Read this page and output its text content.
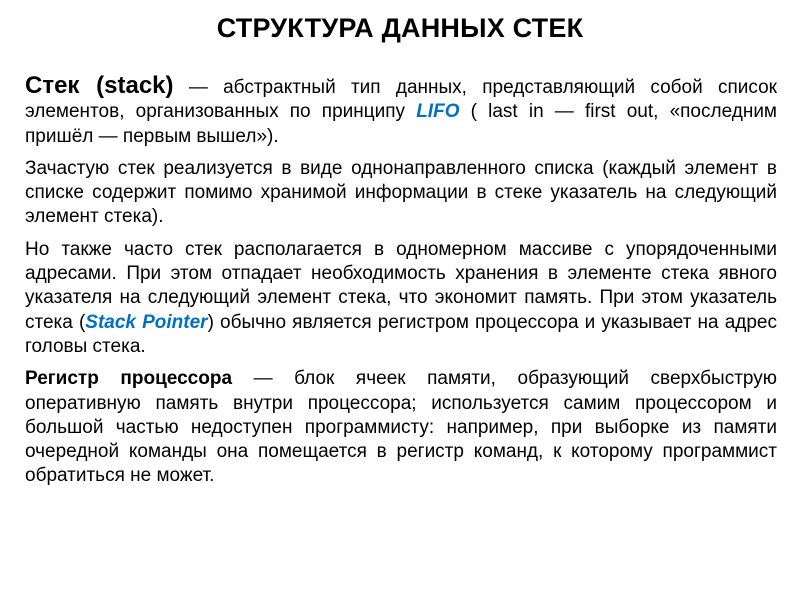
СТРУКТУРА ДАННЫХ СТЕК

Стек (stack) — абстрактный тип данных, представляющий собой список элементов, организованных по принципу LIFO ( last in — first out, «последним пришёл — первым вышел»).

Зачастую стек реализуется в виде однонаправленного списка (каждый элемент в списке содержит помимо хранимой информации в стеке указатель на следующий элемент стека).

Но также часто стек располагается в одномерном массиве с упорядоченными адресами. При этом отпадает необходимость хранения в элементе стека явного указателя на следующий элемент стека, что экономит память. При этом указатель стека (Stack Pointer) обычно является регистром процессора и указывает на адрес головы стека.

Регистр процессора — блок ячеек памяти, образующий сверхбыструю оперативную память внутри процессора; используется самим процессором и большой частью недоступен программисту: например, при выборке из памяти очередной команды она помещается в регистр команд, к которому программист обратиться не может.
